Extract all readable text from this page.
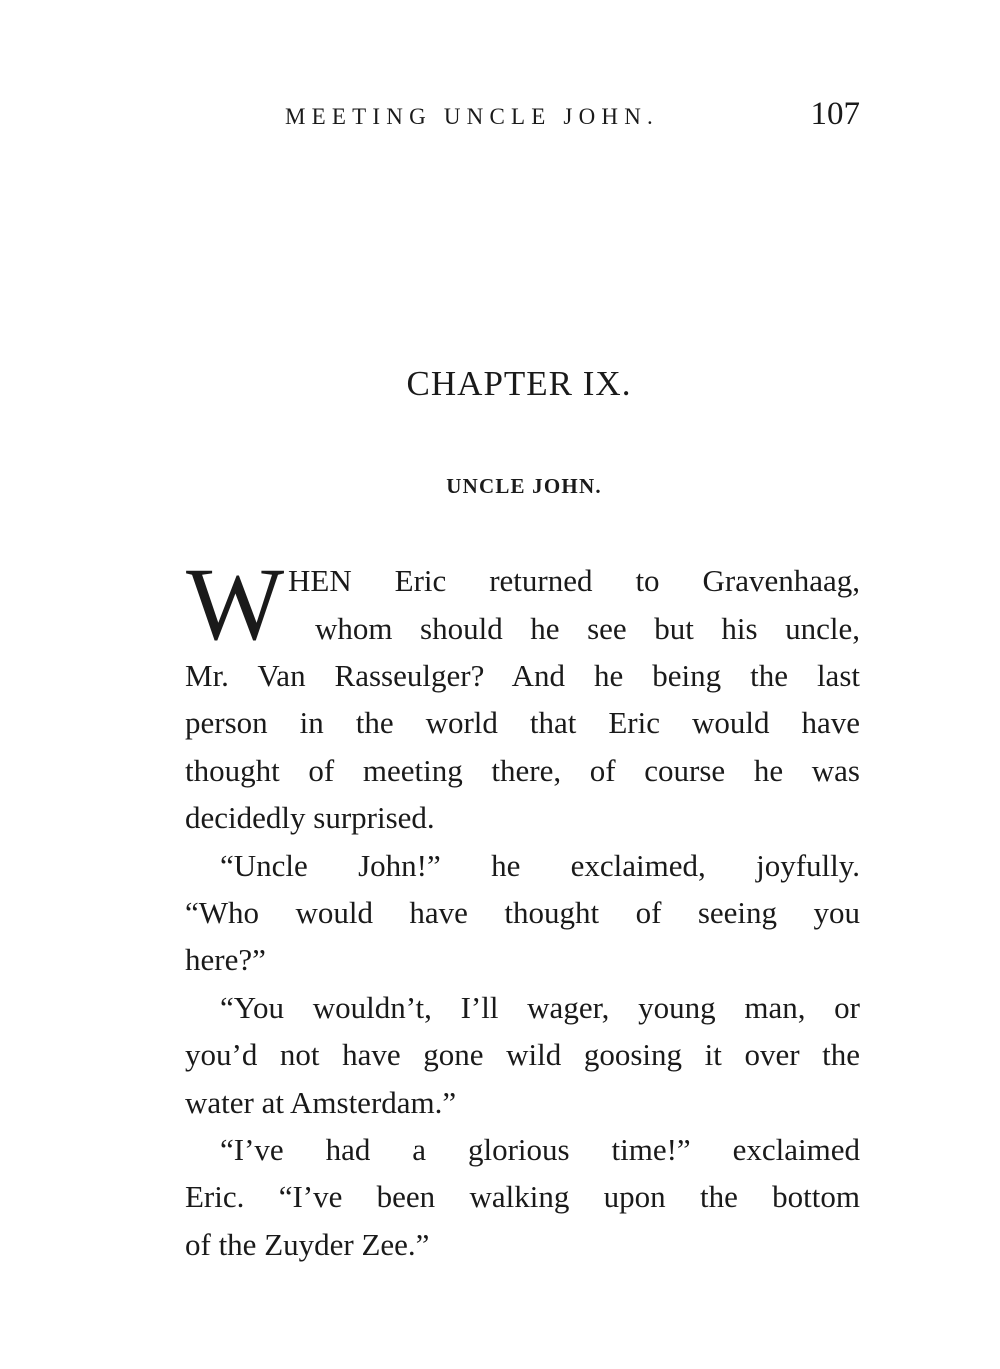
MEETING UNCLE JOHN.	107
CHAPTER IX.
UNCLE JOHN.
W HEN Eric returned to Gravenhaag,
whom should he see but his uncle,
Mr. Van Rasseulger? And he being the last
person in the world that Eric would have
thought of meeting there, of course he was
decidedly surprised.
“Uncle John!” he exclaimed, joyfully.
“Who would have thought of seeing you
here?”
“You wouldn’t, I’ll wager, young man, or
you’d not have gone wild goosing it over the
water at Amsterdam.”
“I’ve had a glorious time!” exclaimed
Eric. “I’ve been walking upon the bottom
of the Zuyder Zee.”
